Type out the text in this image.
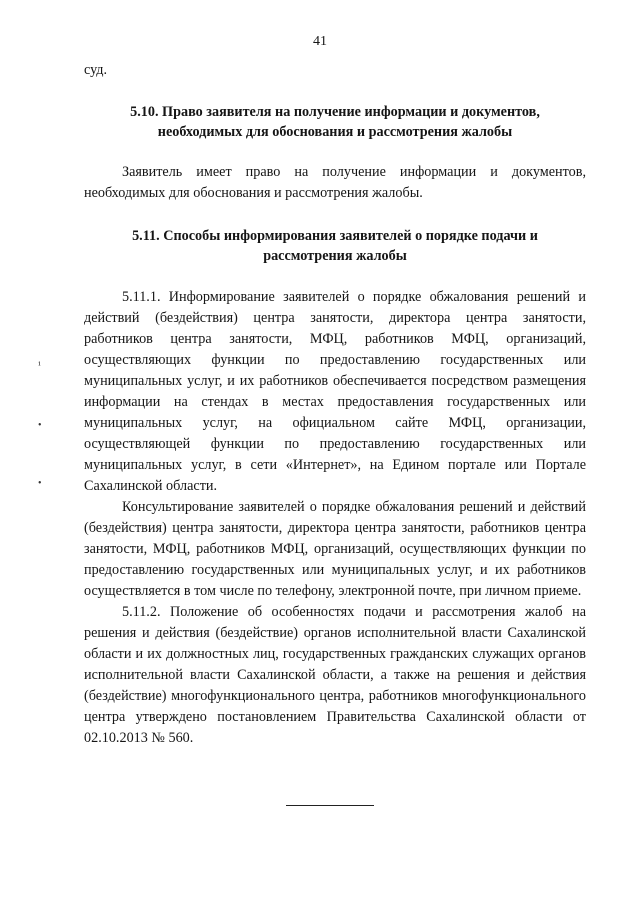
41
¹
•
•

суд.

5.10. Право заявителя на получение информации и документов,

необходимых для обоснования и рассмотрения жалобы

Заявитель имеет право на получение информации и документов, необходимых для обоснования и рассмотрения жалобы.

5.11. Способы информирования заявителей о порядке подачи и

рассмотрения жалобы

5.11.1. Информирование заявителей о порядке обжалования решений и действий (бездействия) центра занятости, директора центра занятости, работников центра занятости, МФЦ, работников МФЦ, организаций, осуществляющих функции по предоставлению государственных или муниципальных услуг, и их работников обеспечивается посредством размещения информации на стендах в местах предоставления государственных или муниципальных услуг, на официальном сайте МФЦ, организации, осуществляющей функции по предоставлению государственных или муниципальных услуг, в сети «Интернет», на Едином портале или Портале Сахалинской области.

Консультирование заявителей о порядке обжалования решений и действий (бездействия) центра занятости, директора центра занятости, работников центра занятости, МФЦ, работников МФЦ, организаций, осуществляющих функции по предоставлению государственных или муниципальных услуг, и их работников осуществляется в том числе по телефону, электронной почте, при личном приеме.

5.11.2. Положение об особенностях подачи и рассмотрения жалоб на решения и действия (бездействие) органов исполнительной власти Сахалинской области и их должностных лиц, государственных гражданских служащих органов исполнительной власти Сахалинской области, а также на решения и действия (бездействие) многофункционального центра, работников многофункционального центра утверждено постановлением Правительства Сахалинской области от 02.10.2013 № 560.
